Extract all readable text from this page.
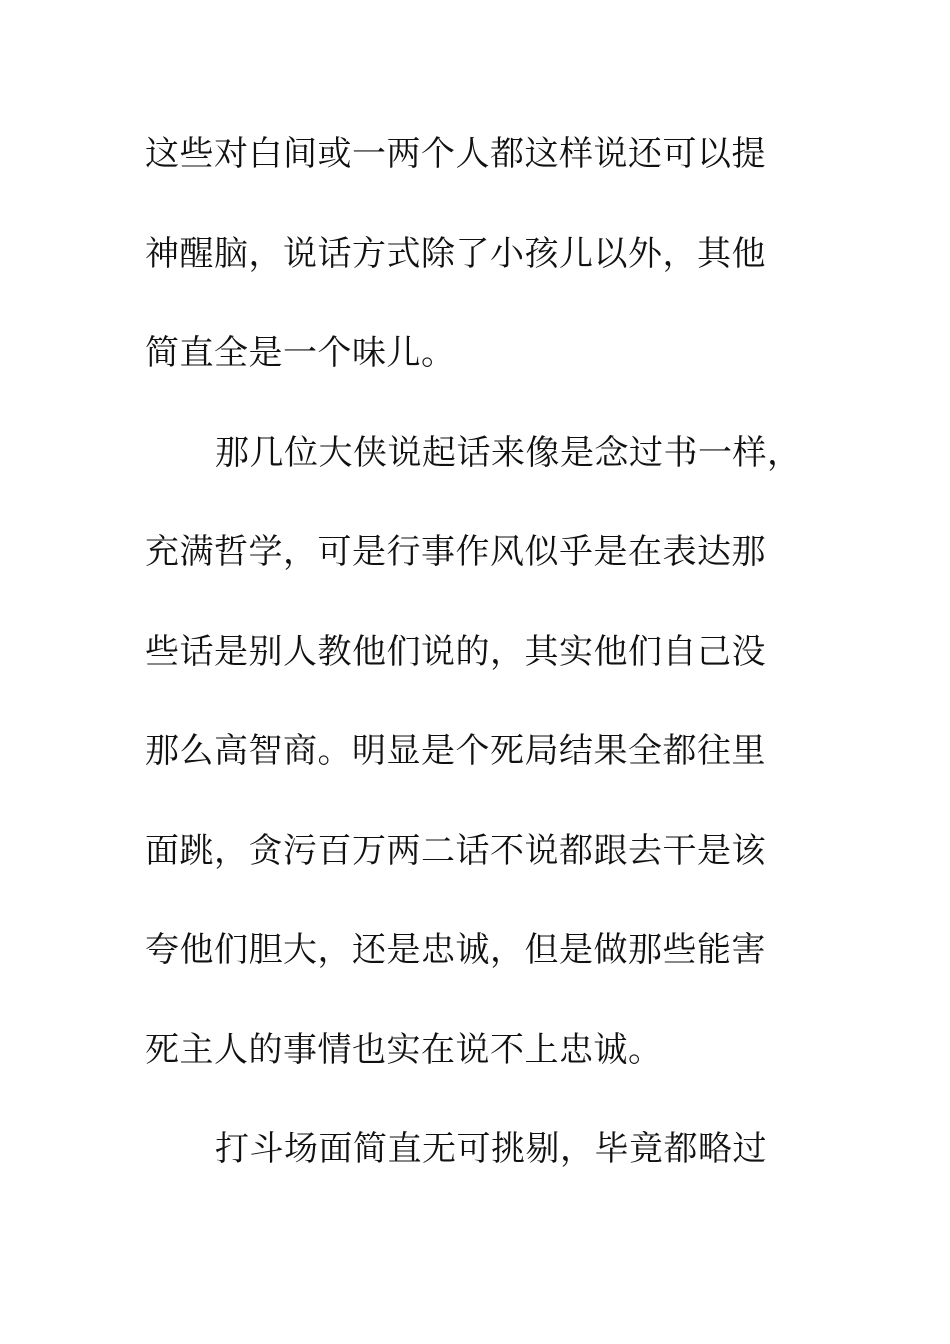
这些对白间或一两个人都这样说还可以提
神醒脑，说话方式除了小孩儿以外，其他
简直全是一个味儿。
那几位大侠说起话来像是念过书一样，
充满哲学，可是行事作风似乎是在表达那
些话是别人教他们说的，其实他们自己没
那么高智商。明显是个死局结果全都往里
面跳，贪污百万两二话不说都跟去干是该
夸他们胆大，还是忠诚，但是做那些能害
死主人的事情也实在说不上忠诚。
打斗场面简直无可挑剔，毕竟都略过
